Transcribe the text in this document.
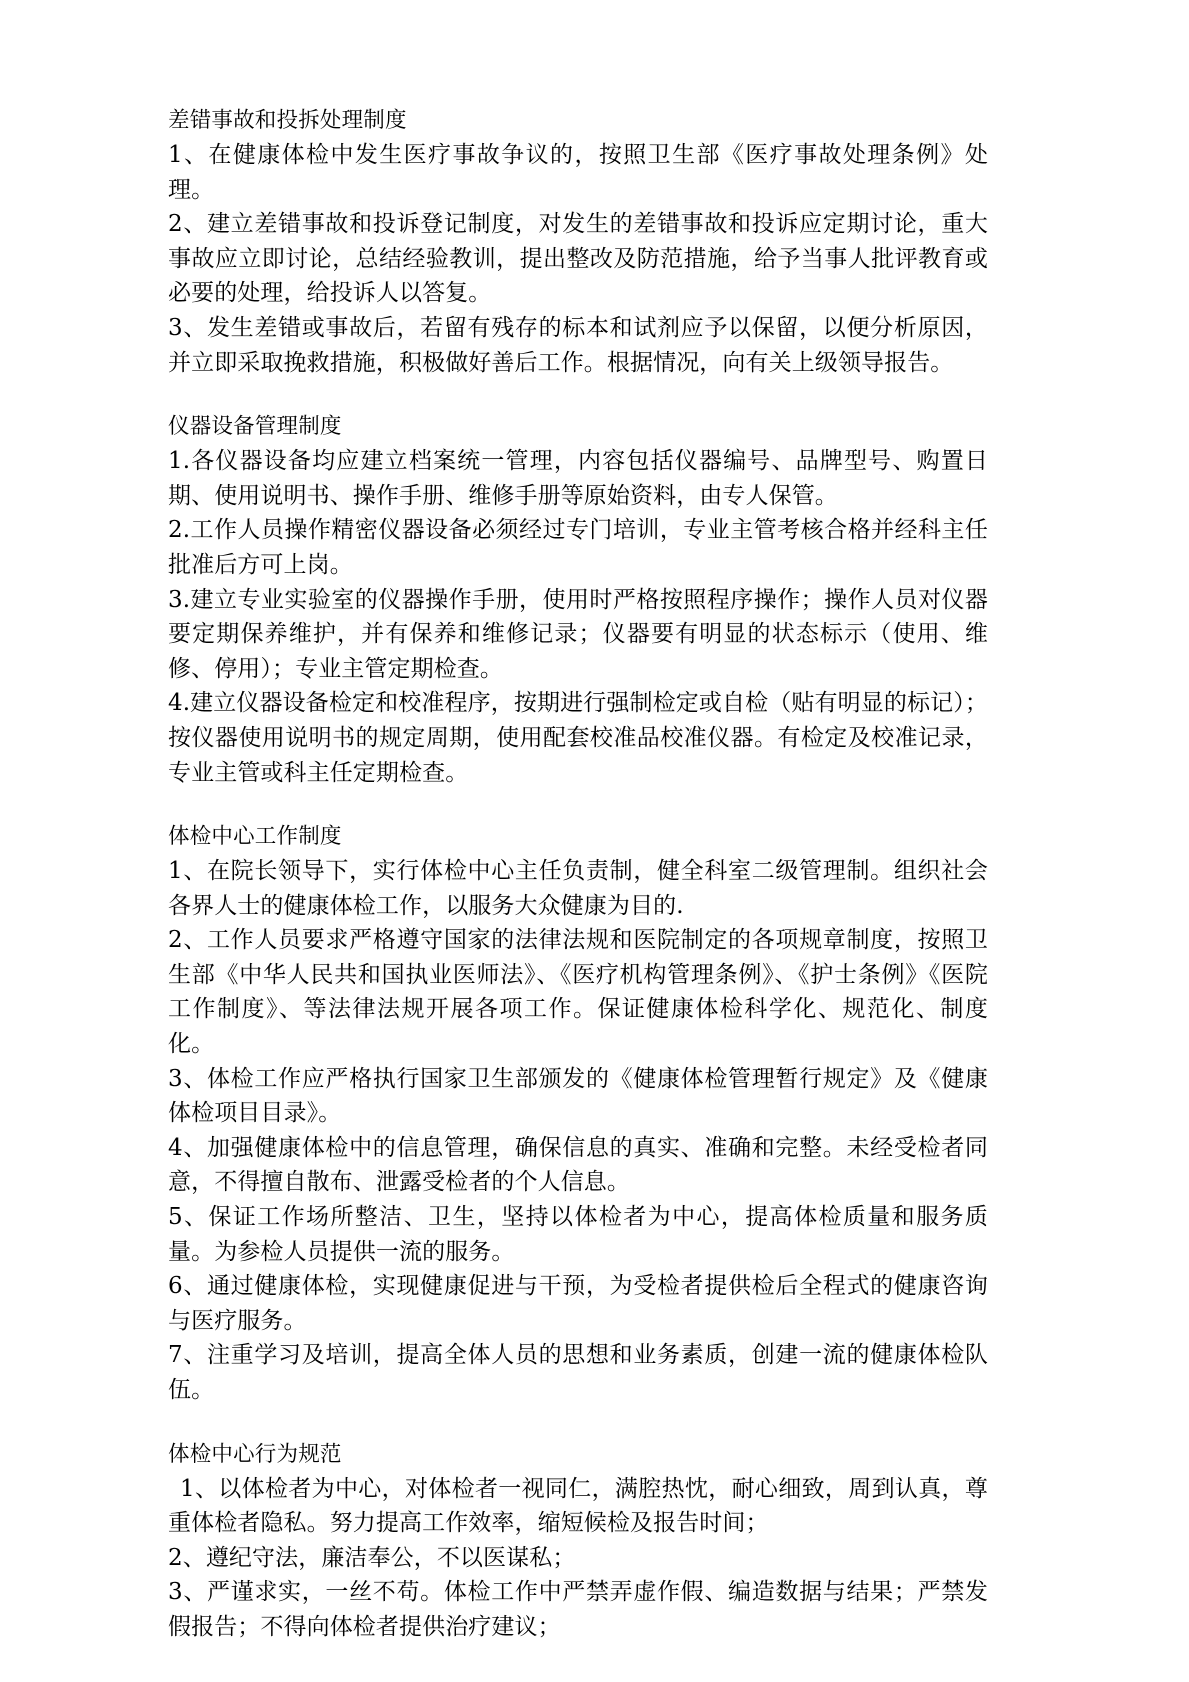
差错事故和投拆处理制度

1、在健康体检中发生医疗事故争议的，按照卫生部《医疗事故处理条例》处理。

2、建立差错事故和投诉登记制度，对发生的差错事故和投诉应定期讨论，重大事故应立即讨论，总结经验教训，提出整改及防范措施，给予当事人批评教育或必要的处理，给投诉人以答复。

3、发生差错或事故后，若留有残存的标本和试剂应予以保留，以便分析原因，并立即采取挽救措施，积极做好善后工作。根据情况，向有关上级领导报告。

仪器设备管理制度

1.各仪器设备均应建立档案统一管理，内容包括仪器编号、品牌型号、购置日期、使用说明书、操作手册、维修手册等原始资料，由专人保管。

2.工作人员操作精密仪器设备必须经过专门培训，专业主管考核合格并经科主任批准后方可上岗。

3.建立专业实验室的仪器操作手册，使用时严格按照程序操作；操作人员对仪器要定期保养维护，并有保养和维修记录；仪器要有明显的状态标示（使用、维修、停用）；专业主管定期检查。

4.建立仪器设备检定和校准程序，按期进行强制检定或自检（贴有明显的标记）；按仪器使用说明书的规定周期，使用配套校准品校准仪器。有检定及校准记录，专业主管或科主任定期检查。

体检中心工作制度

1、在院长领导下，实行体检中心主任负责制，健全科室二级管理制。组织社会各界人士的健康体检工作，以服务大众健康为目的.

2、工作人员要求严格遵守国家的法律法规和医院制定的各项规章制度，按照卫生部《中华人民共和国执业医师法》、《医疗机构管理条例》、《护士条例》《医院工作制度》、等法律法规开展各项工作。保证健康体检科学化、规范化、制度化。

3、体检工作应严格执行国家卫生部颁发的《健康体检管理暂行规定》及《健康体检项目目录》。

4、加强健康体检中的信息管理，确保信息的真实、准确和完整。未经受检者同意，不得擅自散布、泄露受检者的个人信息。

5、保证工作场所整洁、卫生，坚持以体检者为中心，提高体检质量和服务质量。为参检人员提供一流的服务。

6、通过健康体检，实现健康促进与干预，为受检者提供检后全程式的健康咨询与医疗服务。

7、注重学习及培训，提高全体人员的思想和业务素质，创建一流的健康体检队伍。

体检中心行为规范

1、以体检者为中心，对体检者一视同仁，满腔热忱，耐心细致，周到认真，尊重体检者隐私。努力提高工作效率，缩短候检及报告时间；

2、遵纪守法，廉洁奉公，不以医谋私；

3、严谨求实，一丝不苟。体检工作中严禁弄虚作假、编造数据与结果；严禁发假报告；不得向体检者提供治疗建议；
